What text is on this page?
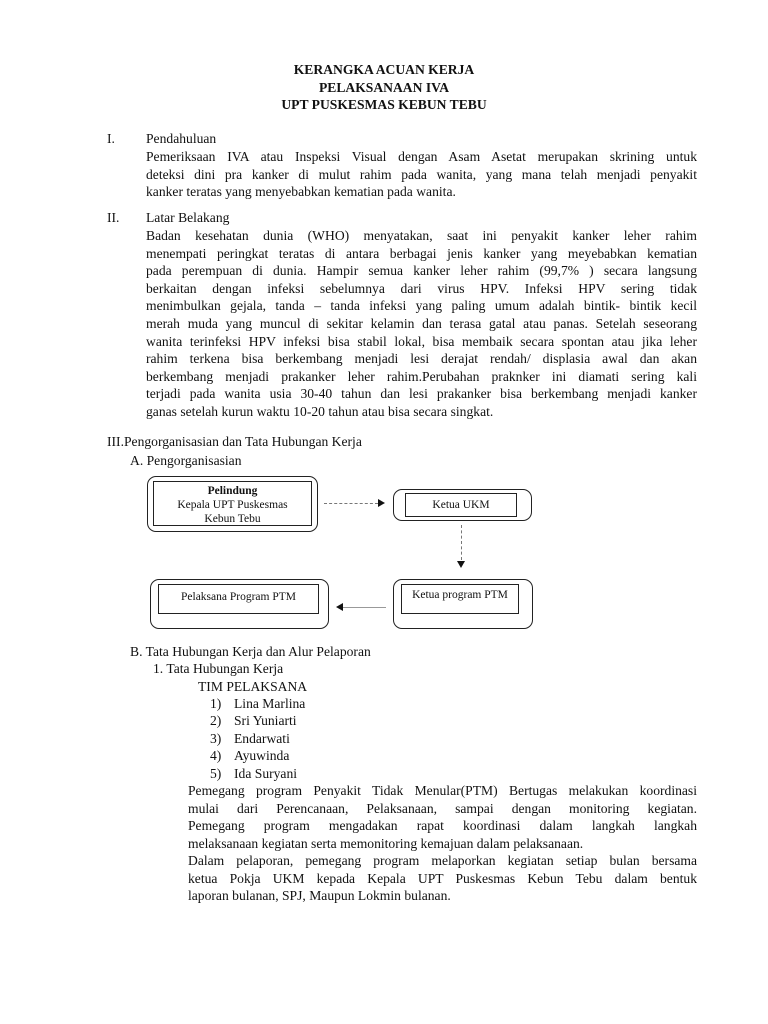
KERANGKA ACUAN KERJA
PELAKSANAAN IVA
UPT PUSKESMAS KEBUN TEBU
I. Pendahuluan
Pemeriksaan IVA atau Inspeksi Visual dengan Asam Asetat merupakan skrining untuk
deteksi dini pra kanker di mulut rahim pada wanita, yang mana telah menjadi penyakit
kanker teratas yang menyebabkan kematian pada wanita.
II. Latar Belakang
Badan kesehatan dunia (WHO) menyatakan, saat ini penyakit kanker leher rahim
menempati peringkat teratas di antara berbagai jenis kanker yang meyebabkan kematian
pada perempuan di dunia. Hampir semua kanker leher rahim (99,7% ) secara langsung
berkaitan dengan infeksi sebelumnya dari virus HPV. Infeksi HPV sering tidak
menimbulkan gejala, tanda – tanda infeksi yang paling umum adalah bintik- bintik kecil
merah muda yang muncul di sekitar kelamin dan terasa gatal atau panas. Setelah seseorang
wanita terinfeksi HPV infeksi bisa stabil lokal, bisa membaik secara spontan atau jika leher
rahim terkena bisa berkembang menjadi lesi derajat rendah/ displasia awal dan akan
berkembang menjadi prakanker leher rahim.Perubahan praknker ini diamati sering kali
terjadi pada wanita usia 30-40 tahun dan lesi prakanker bisa berkembang menjadi kanker
ganas setelah kurun waktu 10-20 tahun atau bisa secara singkat.
III.Pengorganisasian dan Tata Hubungan Kerja
A. Pengorganisasian
Pelindung
Kepala UPT Puskesmas
Kebun Tebu
Ketua UKM
Ketua program PTM
Pelaksana Program PTM
B. Tata Hubungan Kerja dan Alur Pelaporan
1. Tata Hubungan Kerja
TIM PELAKSANA
1) Lina Marlina
2) Sri Yuniarti
3) Endarwati
4) Ayuwinda
5) Ida Suryani
Pemegang program Penyakit Tidak Menular(PTM) Bertugas melakukan koordinasi
mulai dari Perencanaan, Pelaksanaan, sampai dengan monitoring kegiatan.
Pemegang program mengadakan rapat koordinasi dalam langkah langkah
melaksanaan kegiatan serta memonitoring kemajuan dalam pelaksanaan.
Dalam pelaporan, pemegang program melaporkan kegiatan setiap bulan bersama
ketua Pokja UKM kepada Kepala UPT Puskesmas Kebun Tebu dalam bentuk
laporan bulanan, SPJ, Maupun Lokmin bulanan.
